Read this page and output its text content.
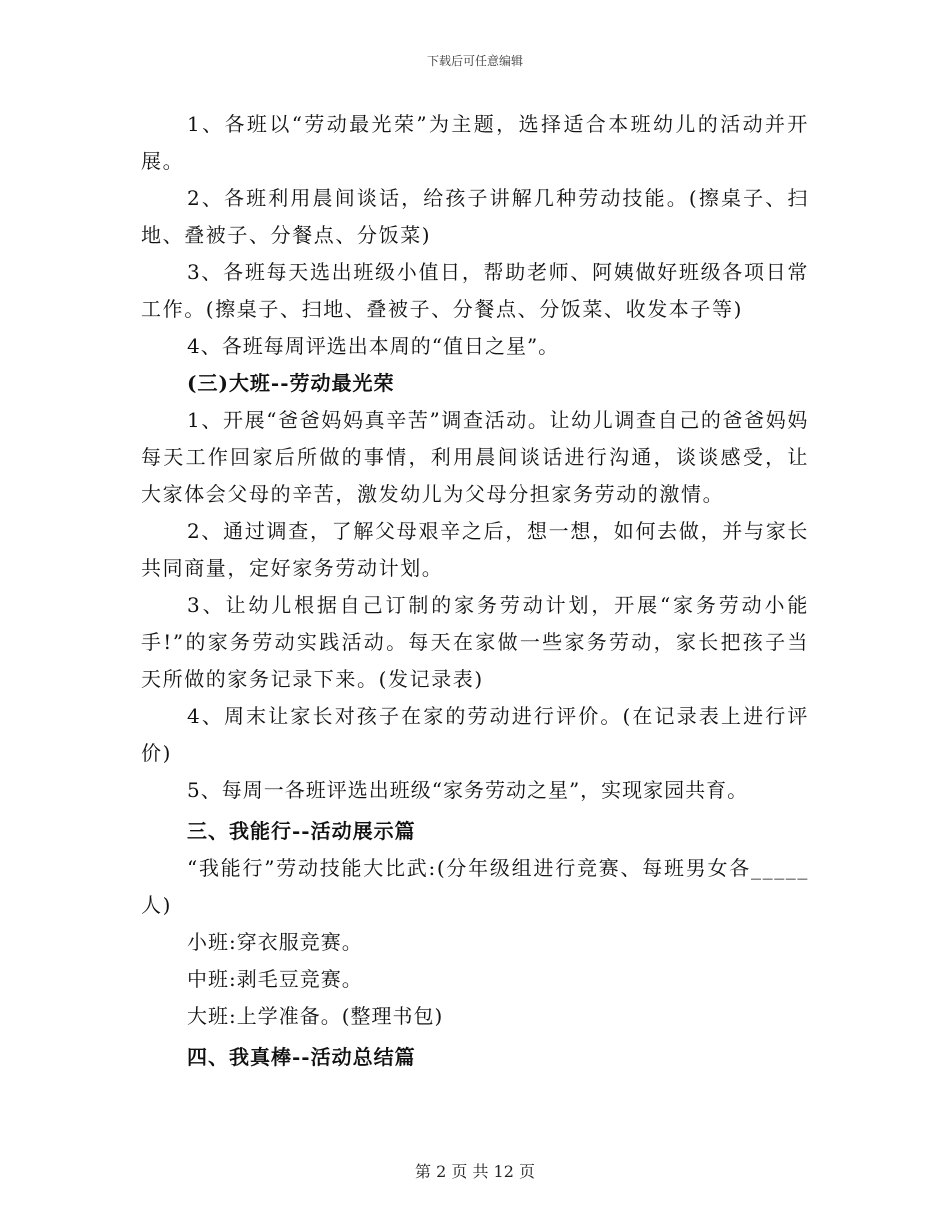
下载后可任意编辑

1、各班以“劳动最光荣”为主题，选择适合本班幼儿的活动并开展。

2、各班利用晨间谈话，给孩子讲解几种劳动技能。(擦桌子、扫地、叠被子、分餐点、分饭菜)

3、各班每天选出班级小值日，帮助老师、阿姨做好班级各项日常工作。(擦桌子、扫地、叠被子、分餐点、分饭菜、收发本子等)

4、各班每周评选出本周的“值日之星”。

(三)大班--劳动最光荣

1、开展“爸爸妈妈真辛苦”调查活动。让幼儿调查自己的爸爸妈妈每天工作回家后所做的事情，利用晨间谈话进行沟通，谈谈感受，让大家体会父母的辛苦，激发幼儿为父母分担家务劳动的激情。

2、通过调查，了解父母艰辛之后，想一想，如何去做，并与家长共同商量，定好家务劳动计划。

3、让幼儿根据自己订制的家务劳动计划，开展“家务劳动小能手!”的家务劳动实践活动。每天在家做一些家务劳动，家长把孩子当天所做的家务记录下来。(发记录表)

4、周末让家长对孩子在家的劳动进行评价。(在记录表上进行评价)

5、每周一各班评选出班级“家务劳动之星”，实现家园共育。

三、我能行--活动展示篇

“我能行”劳动技能大比武:(分年级组进行竞赛、每班男女各_____人)

小班:穿衣服竞赛。

中班:剥毛豆竞赛。

大班:上学准备。(整理书包)

四、我真棒--活动总结篇

第 2 页 共 12 页
